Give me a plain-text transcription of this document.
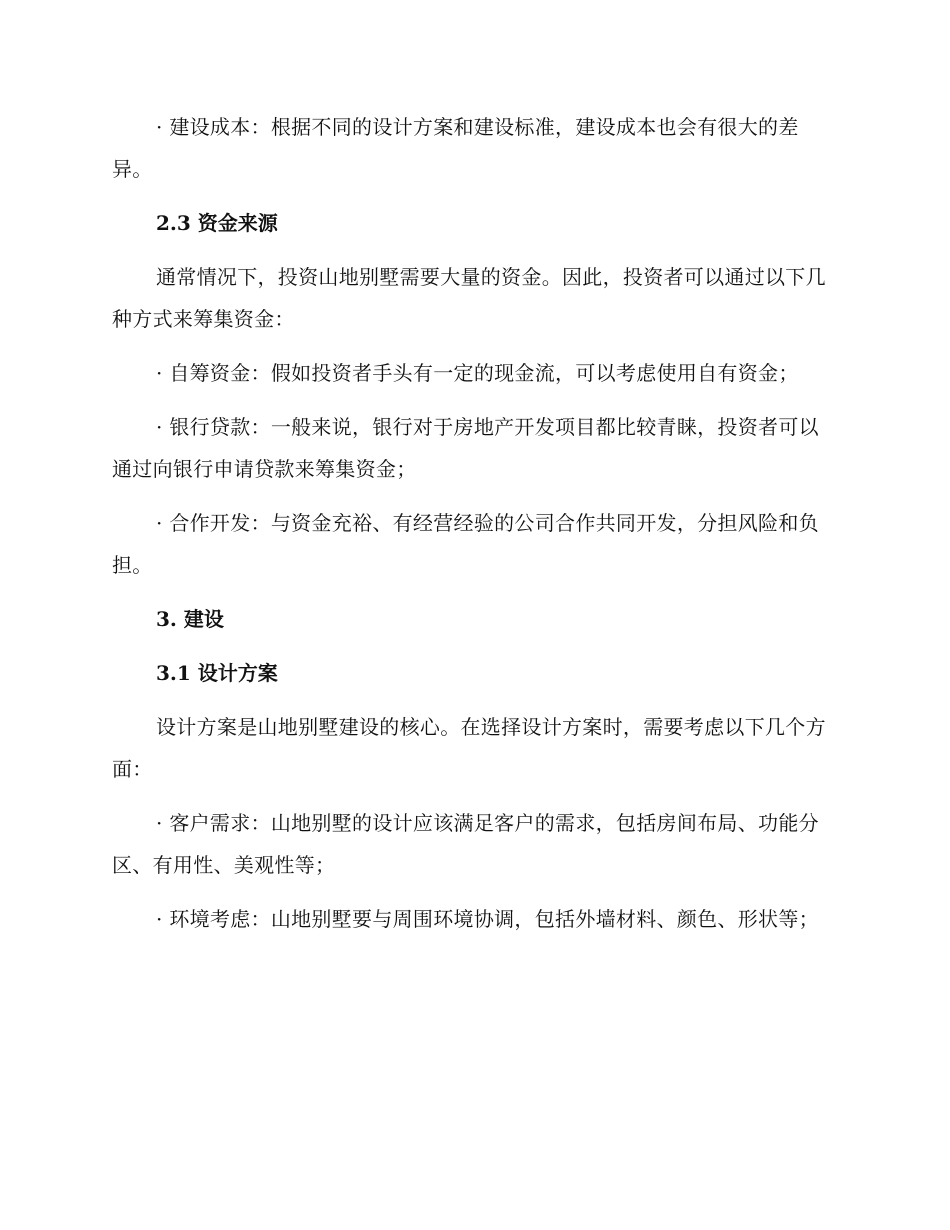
· 建设成本：根据不同的设计方案和建设标准，建设成本也会有很大的差异。

2.3 资金来源

通常情况下，投资山地别墅需要大量的资金。因此，投资者可以通过以下几种方式来筹集资金：

· 自筹资金：假如投资者手头有一定的现金流，可以考虑使用自有资金；

· 银行贷款：一般来说，银行对于房地产开发项目都比较青睐，投资者可以通过向银行申请贷款来筹集资金；

· 合作开发：与资金充裕、有经营经验的公司合作共同开发，分担风险和负担。

3. 建设

3.1 设计方案

设计方案是山地别墅建设的核心。在选择设计方案时，需要考虑以下几个方面：

· 客户需求：山地别墅的设计应该满足客户的需求，包括房间布局、功能分区、有用性、美观性等；

· 环境考虑：山地别墅要与周围环境协调，包括外墙材料、颜色、形状等；
